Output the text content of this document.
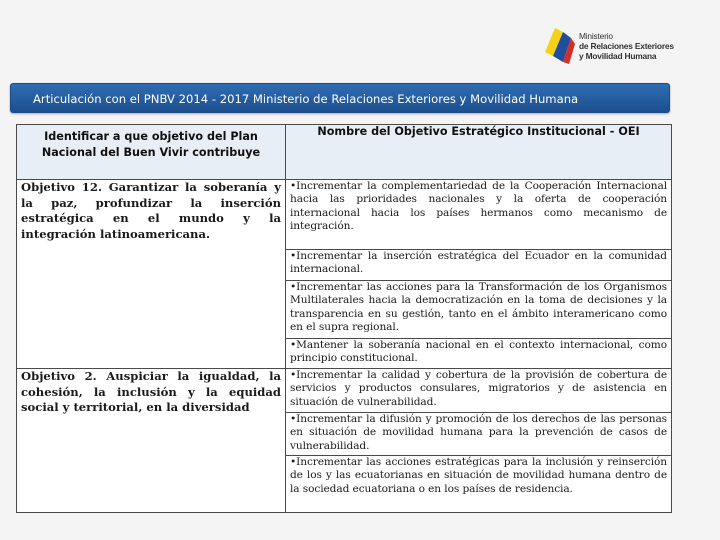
Ministerio
de Relaciones Exteriores
y Movilidad Humana
Articulación con el PNBV 2014 - 2017 Ministerio de Relaciones Exteriores y Movilidad Humana
Identificar a que objetivo del Plan Nacional del Buen Vivir contribuye	Nombre del Objetivo Estratégico Institucional - OEI
Objetivo 12. Garantizar la soberanía y la paz, profundizar la inserción estratégica en el mundo y la integración latinoamericana.	•Incrementar la complementariedad de la Cooperación Internacional hacia las prioridades nacionales y la oferta de cooperación internacional hacia los países hermanos como mecanismo de integración.
	•Incrementar la inserción estratégica del Ecuador en la comunidad internacional.
	•Incrementar las acciones para la Transformación de los Organismos Multilaterales hacia la democratización en la toma de decisiones y la transparencia en su gestión, tanto en el ámbito interamericano como en el supra regional.
	•Mantener la soberanía nacional en el contexto internacional, como principio constitucional.
Objetivo 2. Auspiciar la igualdad, la cohesión, la inclusión y la equidad social y territorial, en la diversidad	•Incrementar la calidad y cobertura de la provisión de cobertura de servicios y productos consulares, migratorios y de asistencia en situación de vulnerabilidad.
	•Incrementar la difusión y promoción de los derechos de las personas en situación de movilidad humana para la prevención de casos de vulnerabilidad.
	•Incrementar las acciones estratégicas para la inclusión y reinserción de los y las ecuatorianas en situación de movilidad humana dentro de la sociedad ecuatoriana o en los países de residencia.
